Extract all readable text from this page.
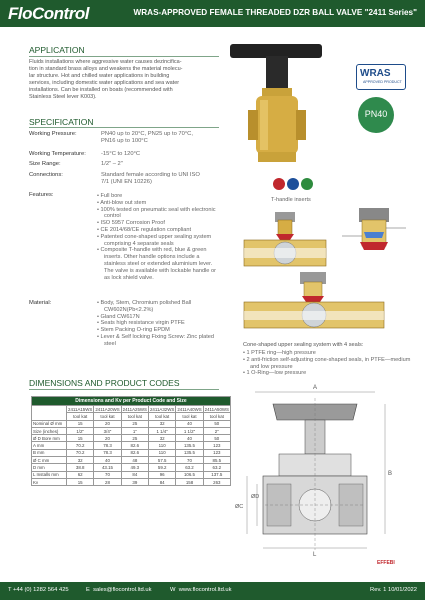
FloControl	WRAS-APPROVED FEMALE THREADED DZR BALL VALVE "2411 Series"
APPLICATION
Fluids installations where aggressive water causes dezincifica-
tion in standard brass alloys and weakens the material molecu-
lar structure. Hot and chilled water applications in building
services, including domestic water applications and sea water
installations. Can be installed on boats (recommended with
Stainless Steel lever K003).
WRAS
APPROVED PRODUCT
PN40
T-handle inserts
SPECIFICATION
Working Pressure:	PN40 up to 20°C, PN25 up to 70°C,
PN16 up to 100°C
Working Temperature:	-15°C to 120°C
Size Range:	1/2" – 2"
Connections:	Standard female according to UNI ISO
7/1 (UNI EN 10226)
Features:	• Full bore
• Anti-blow out stem
• 100% tested on pneumatic seal with electronic control
• ISO 5957 Corrosion Proof
• CE 2014/68/CE regulation compliant
• Patented cone-shaped upper sealing system comprising 4 separate seals
• Composite T-handle with red, blue & green inserts. Other handle options include a stainless steel or extended aluminium lever. The valve is available with lockable handle or as lock shield valve.
Material:	• Body, Stem, Chromium polished Ball CW602N(Pb<2.2%)
• Gland CW617N
• Seats high resistance virgin PTFE
• Stem Packing O-ring EPDM
• Lever & Self locking Fixing Screw: Zinc plated steel	Cone-shaped upper sealing system with 4 seals:
• 1 PTFE ring—high pressure
• 2 anti-friction self-adjusting cone-shaped seals, in PTFE—medium and low pressure
• 1 O-Ring—low pressure
DIMENSIONS AND PRODUCT CODES
Dimensions and Kv per Product Code and Size						
	2411A15WS	2411A20WS	2411A25WS	2411A32WS	2411A40WS	2411A50WS
	tool kat	tool kat	tool kat	tool kat	tool kat	tool kat
Nominal Ø mm	15	20	25	32	40	50
Size (inches)	1/2"	3/4"	1"	1 1/4"	1 1/2"	2"
Ø D Bore mm	15	20	25	32	40	50
A mm	70.2	78.3	82.6	110	135.5	123
B mm	70.2	78.3	82.6	110	135.5	123
Ø C mm	32	40	48	57.5	70	85.5
D mm	38.8	43.15	49.3	59.2	63.2	63.2
L Installs mm	62	70	84	96	106.5	137.5
Kv	15	28	39	84	158	263
A
B
ØC
ØD
L
EFFEBI
T +44 (0) 1282 564 425	E sales@flocontrol.ltd.uk	W www.flocontrol.ltd.uk	Rev. 1 10/01/2022
